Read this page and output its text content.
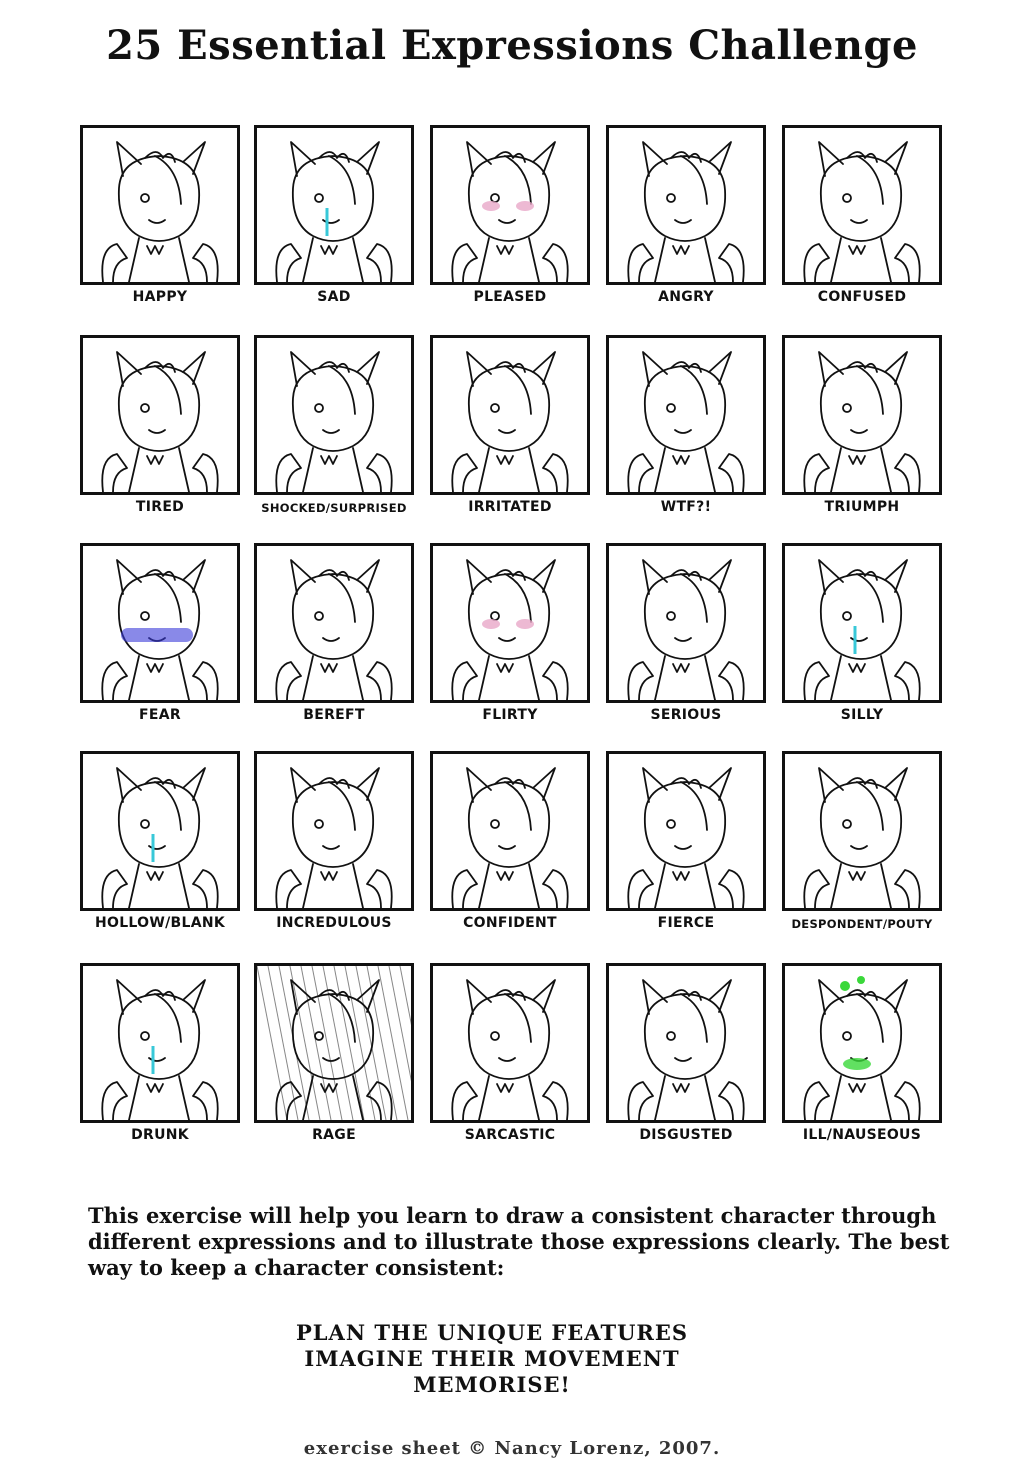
25 Essential Expressions Challenge
HAPPY	SAD	PLEASED	ANGRY	CONFUSED
TIRED	SHOCKED/SURPRISED	IRRITATED	WTF?!	TRIUMPH
FEAR	BEREFT	FLIRTY	SERIOUS	SILLY
HOLLOW/BLANK	INCREDULOUS	CONFIDENT	FIERCE	DESPONDENT/POUTY
DRUNK	RAGE	SARCASTIC	DISGUSTED	ILL/NAUSEOUS

This exercise will help you learn to draw a consistent character through different expressions and to illustrate those expressions clearly. The best way to keep a character consistent:

PLAN THE UNIQUE FEATURES
IMAGINE THEIR MOVEMENT
MEMORISE!
exercise sheet © Nancy Lorenz, 2007.
